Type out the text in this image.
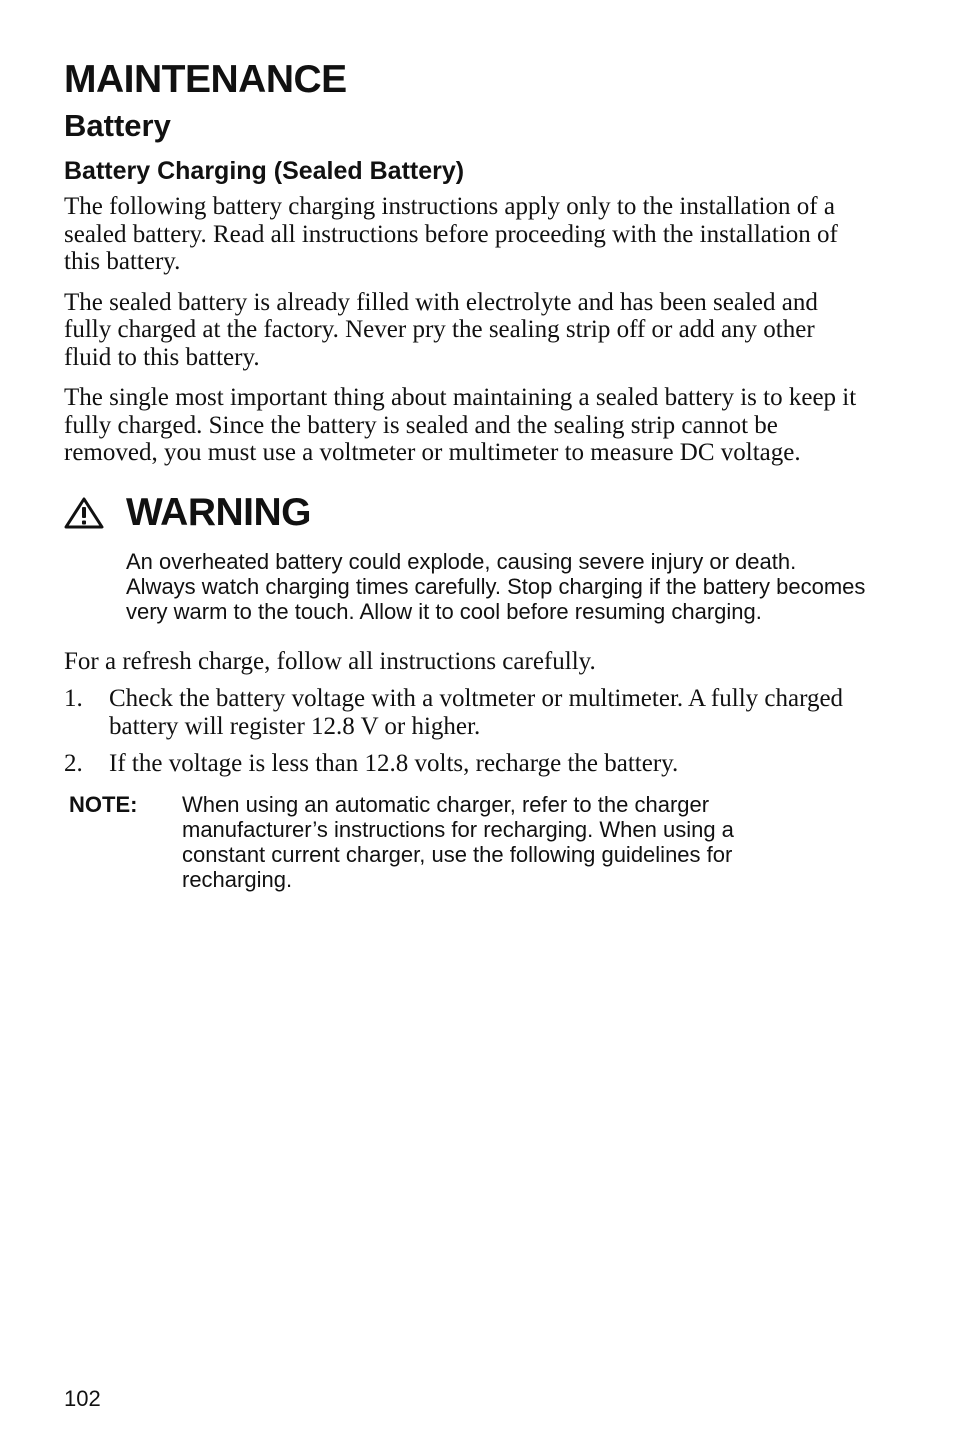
MAINTENANCE
Battery
Battery Charging (Sealed Battery)

The following battery charging instructions apply only to the installation of a sealed battery. Read all instructions before proceeding with the installation of this battery.

The sealed battery is already filled with electrolyte and has been sealed and fully charged at the factory. Never pry the sealing strip off or add any other fluid to this battery.

The single most important thing about maintaining a sealed battery is to keep it fully charged. Since the battery is sealed and the sealing strip cannot be removed, you must use a voltmeter or multimeter to measure DC voltage.

WARNING
An overheated battery could explode, causing severe injury or death. Always watch charging times carefully. Stop charging if the battery becomes very warm to the touch. Allow it to cool before resuming charging.

For a refresh charge, follow all instructions carefully.

1.	Check the battery voltage with a voltmeter or multimeter. A fully charged battery will register 12.8 V or higher.
2.	If the voltage is less than 12.8 volts, recharge the battery.
NOTE:	When using an automatic charger, refer to the charger manufacturer’s instructions for recharging. When using a constant current charger, use the following guidelines for recharging.
102
